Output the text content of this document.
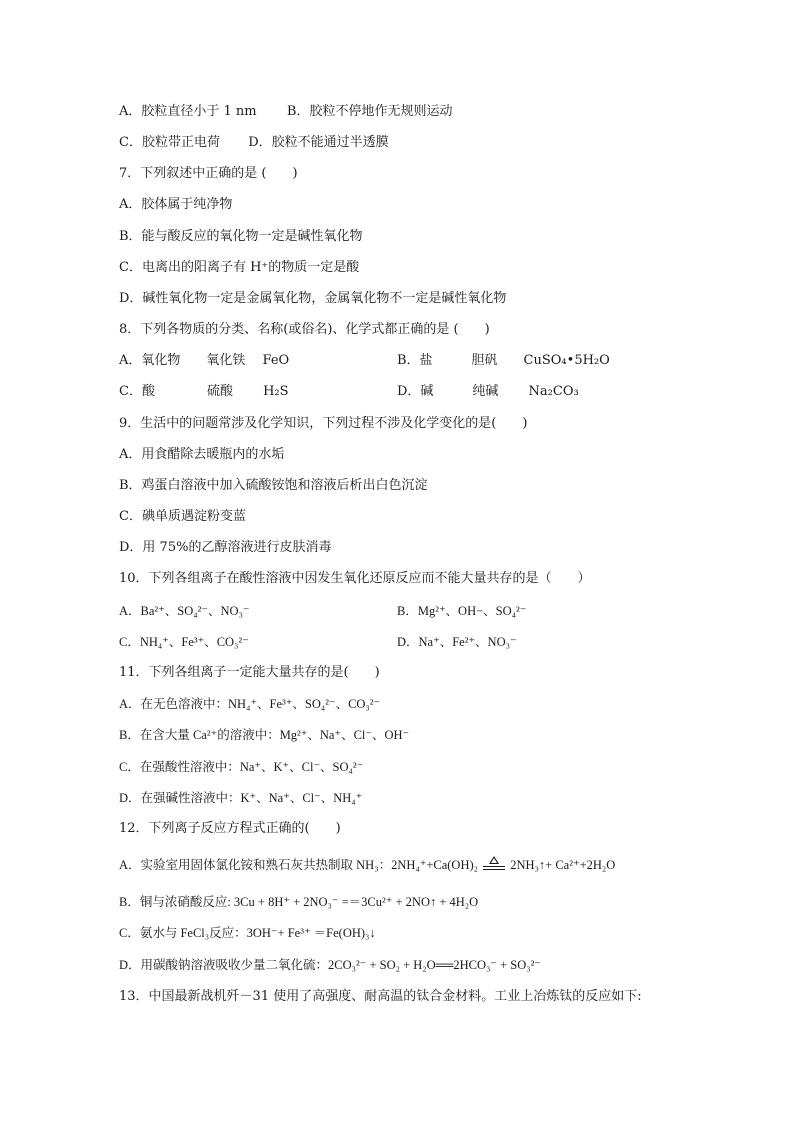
A．胶粒直径小于 1 nm B．胶粒不停地作无规则运动
C．胶粒带正电荷 D．胶粒不能通过半透膜
7．下列叙述中正确的是 (　　)
A．胶体属于纯净物
B．能与酸反应的氧化物一定是碱性氧化物
C．电离出的阳离子有 H⁺的物质一定是酸
D．碱性氧化物一定是金属氧化物，金属氧化物不一定是碱性氧化物
8．下列各物质的分类、名称(或俗名)、化学式都正确的是 (　　)
A．氧化物　　氧化铁　 FeO	B．盐　　　胆矾　　CuSO₄•5H₂O
C．酸　　　　硫酸　　 H₂S	D．碱　　　纯碱　　 Na₂CO₃
9．生活中的问题常涉及化学知识，下列过程不涉及化学变化的是(　　)
A．用食醋除去暖瓶内的水垢
B．鸡蛋白溶液中加入硫酸铵饱和溶液后析出白色沉淀
C．碘单质遇淀粉变蓝
D．用 75%的乙醇溶液进行皮肤消毒
10．下列各组离子在酸性溶液中因发生氧化还原反应而不能大量共存的是（　　）
A．Ba²⁺、SO₄²⁻、NO₃⁻	B．Mg²⁺、OH−、SO₄²⁻
C．NH₄⁺、Fe³⁺、CO₃²⁻	D．Na⁺、Fe²⁺、NO₃⁻
11．下列各组离子一定能大量共存的是(　　)
A．在无色溶液中：NH₄⁺、Fe³⁺、SO₄²⁻、CO₃²⁻
B．在含大量 Ca²⁺的溶液中：Mg²⁺、Na⁺、Cl⁻、OH⁻
C．在强酸性溶液中：Na⁺、K⁺、Cl⁻、SO₄²⁻
D．在强碱性溶液中：K⁺、Na⁺、Cl⁻、NH₄⁺
12．下列离子反应方程式正确的(　　)
A．实验室用固体氯化铵和熟石灰共热制取 NH₃：2NH₄⁺+Ca(OH)₂	2NH₃↑+ Ca²⁺+2H₂O
B．铜与浓硝酸反应: 3Cu + 8H⁺ + 2NO₃⁻ =＝3Cu²⁺ + 2NO↑ + 4H₂O
C．氨水与 FeCl₃反应：3OH⁻+ Fe³⁺ ＝Fe(OH)₃↓
D．用碳酸钠溶液吸收少量二氧化硫：2CO₃²⁻ + SO₂ + H₂O══2HCO₃⁻ + SO₃²⁻
13．中国最新战机歼－31 使用了高强度、耐高温的钛合金材料。工业上冶炼钛的反应如下:
